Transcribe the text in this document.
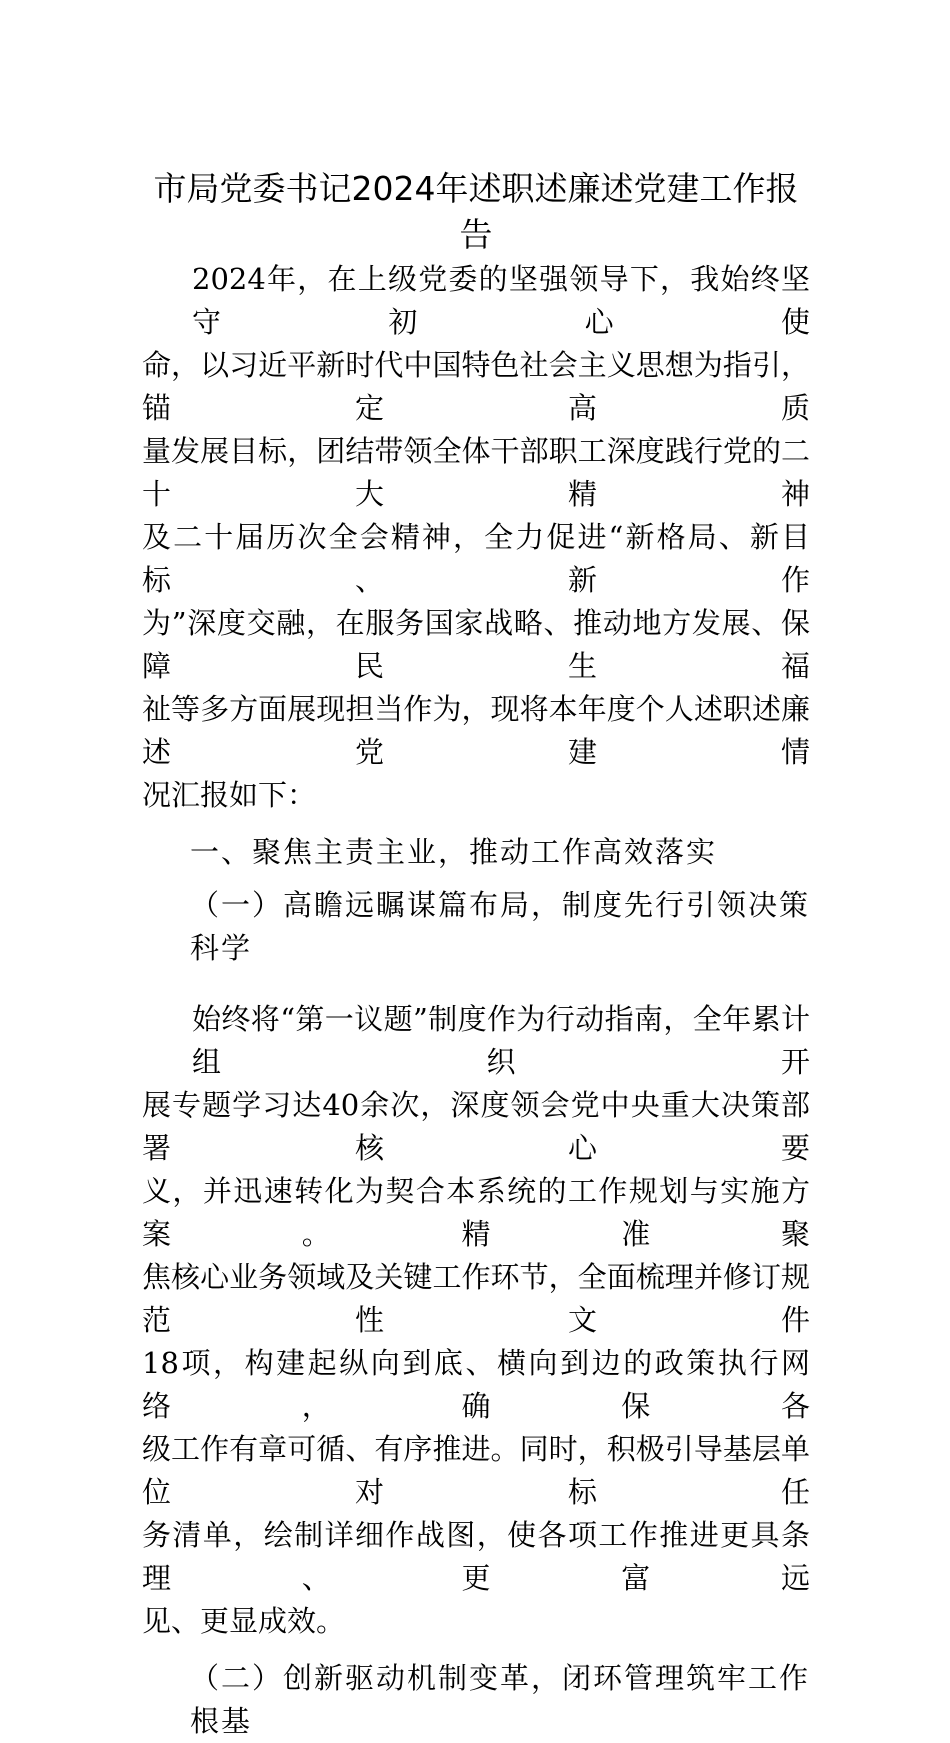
市局党委书记2024年述职述廉述党建工作报告
2024年，在上级党委的坚强领导下，我始终坚守初心使
命，以习近平新时代中国特色社会主义思想为指引，锚定高质
量发展目标，团结带领全体干部职工深度践行党的二十大精神
及二十届历次全会精神，全力促进“新格局、新目标、新作
为”深度交融，在服务国家战略、推动地方发展、保障民生福
祉等多方面展现担当作为，现将本年度个人述职述廉述党建情
况汇报如下：
一、聚焦主责主业，推动工作高效落实
（一）高瞻远瞩谋篇布局，制度先行引领决策科学
始终将“第一议题”制度作为行动指南，全年累计组织开
展专题学习达40余次，深度领会党中央重大决策部署核心要
义，并迅速转化为契合本系统的工作规划与实施方案。精准聚
焦核心业务领域及关键工作环节，全面梳理并修订规范性文件
18项，构建起纵向到底、横向到边的政策执行网络，确保各
级工作有章可循、有序推进。同时，积极引导基层单位对标任
务清单，绘制详细作战图，使各项工作推进更具条理、更富远
见、更显成效。
（二）创新驱动机制变革，闭环管理筑牢工作根基
